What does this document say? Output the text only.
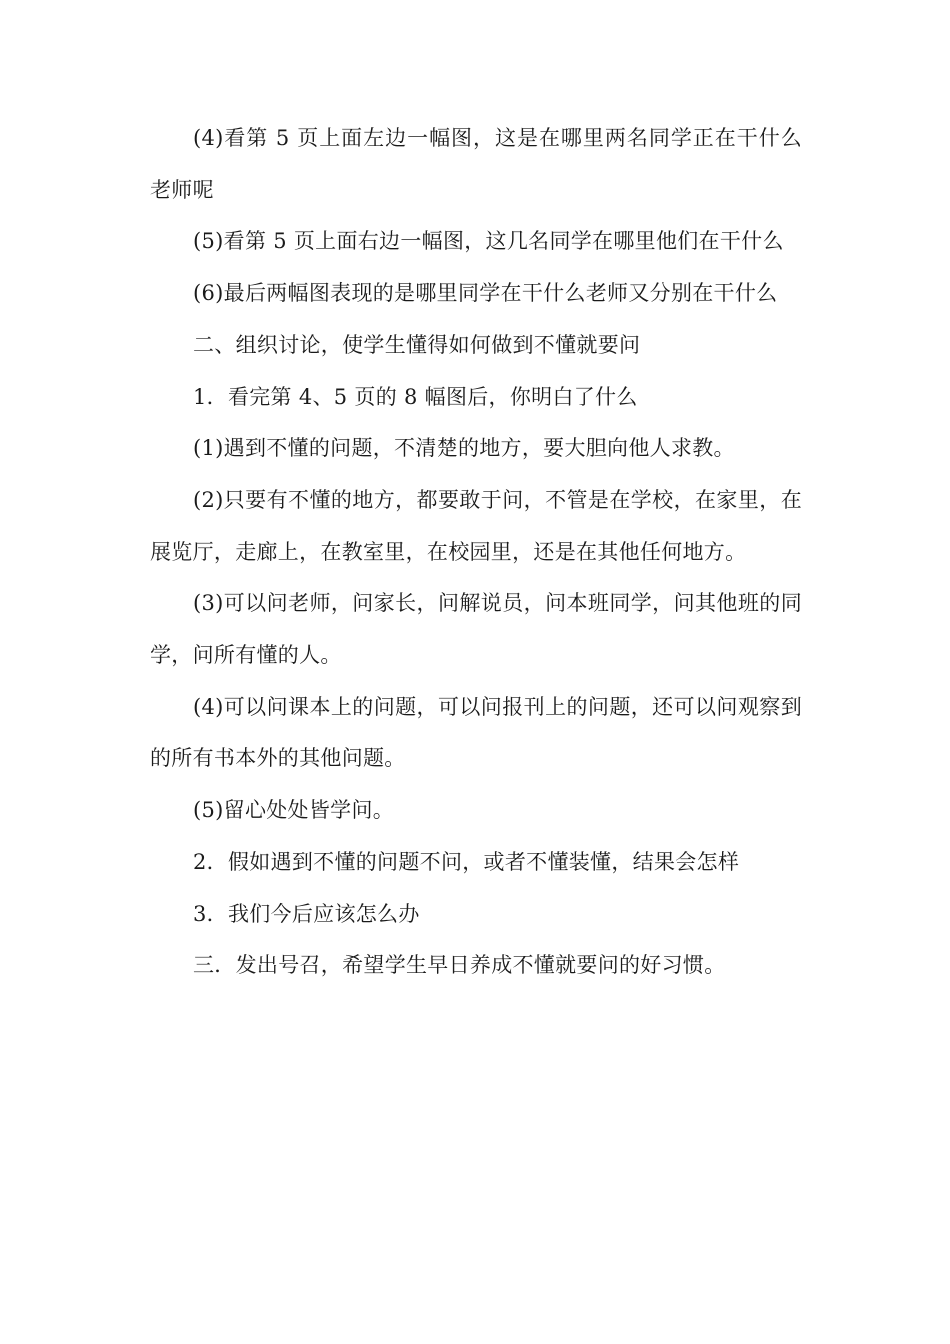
(4)看第 5 页上面左边一幅图，这是在哪里两名同学正在干什么老师呢

(5)看第 5 页上面右边一幅图，这几名同学在哪里他们在干什么

(6)最后两幅图表现的是哪里同学在干什么老师又分别在干什么

二、组织讨论，使学生懂得如何做到不懂就要问

1．看完第 4、5 页的 8 幅图后，你明白了什么

(1)遇到不懂的问题，不清楚的地方，要大胆向他人求教。

(2)只要有不懂的地方，都要敢于问，不管是在学校，在家里，在展览厅，走廊上，在教室里，在校园里，还是在其他任何地方。

(3)可以问老师，问家长，问解说员，问本班同学，问其他班的同学，问所有懂的人。

(4)可以问课本上的问题，可以问报刊上的问题，还可以问观察到的所有书本外的其他问题。

(5)留心处处皆学问。

2．假如遇到不懂的问题不问，或者不懂装懂，结果会怎样

3．我们今后应该怎么办

三．发出号召，希望学生早日养成不懂就要问的好习惯。
